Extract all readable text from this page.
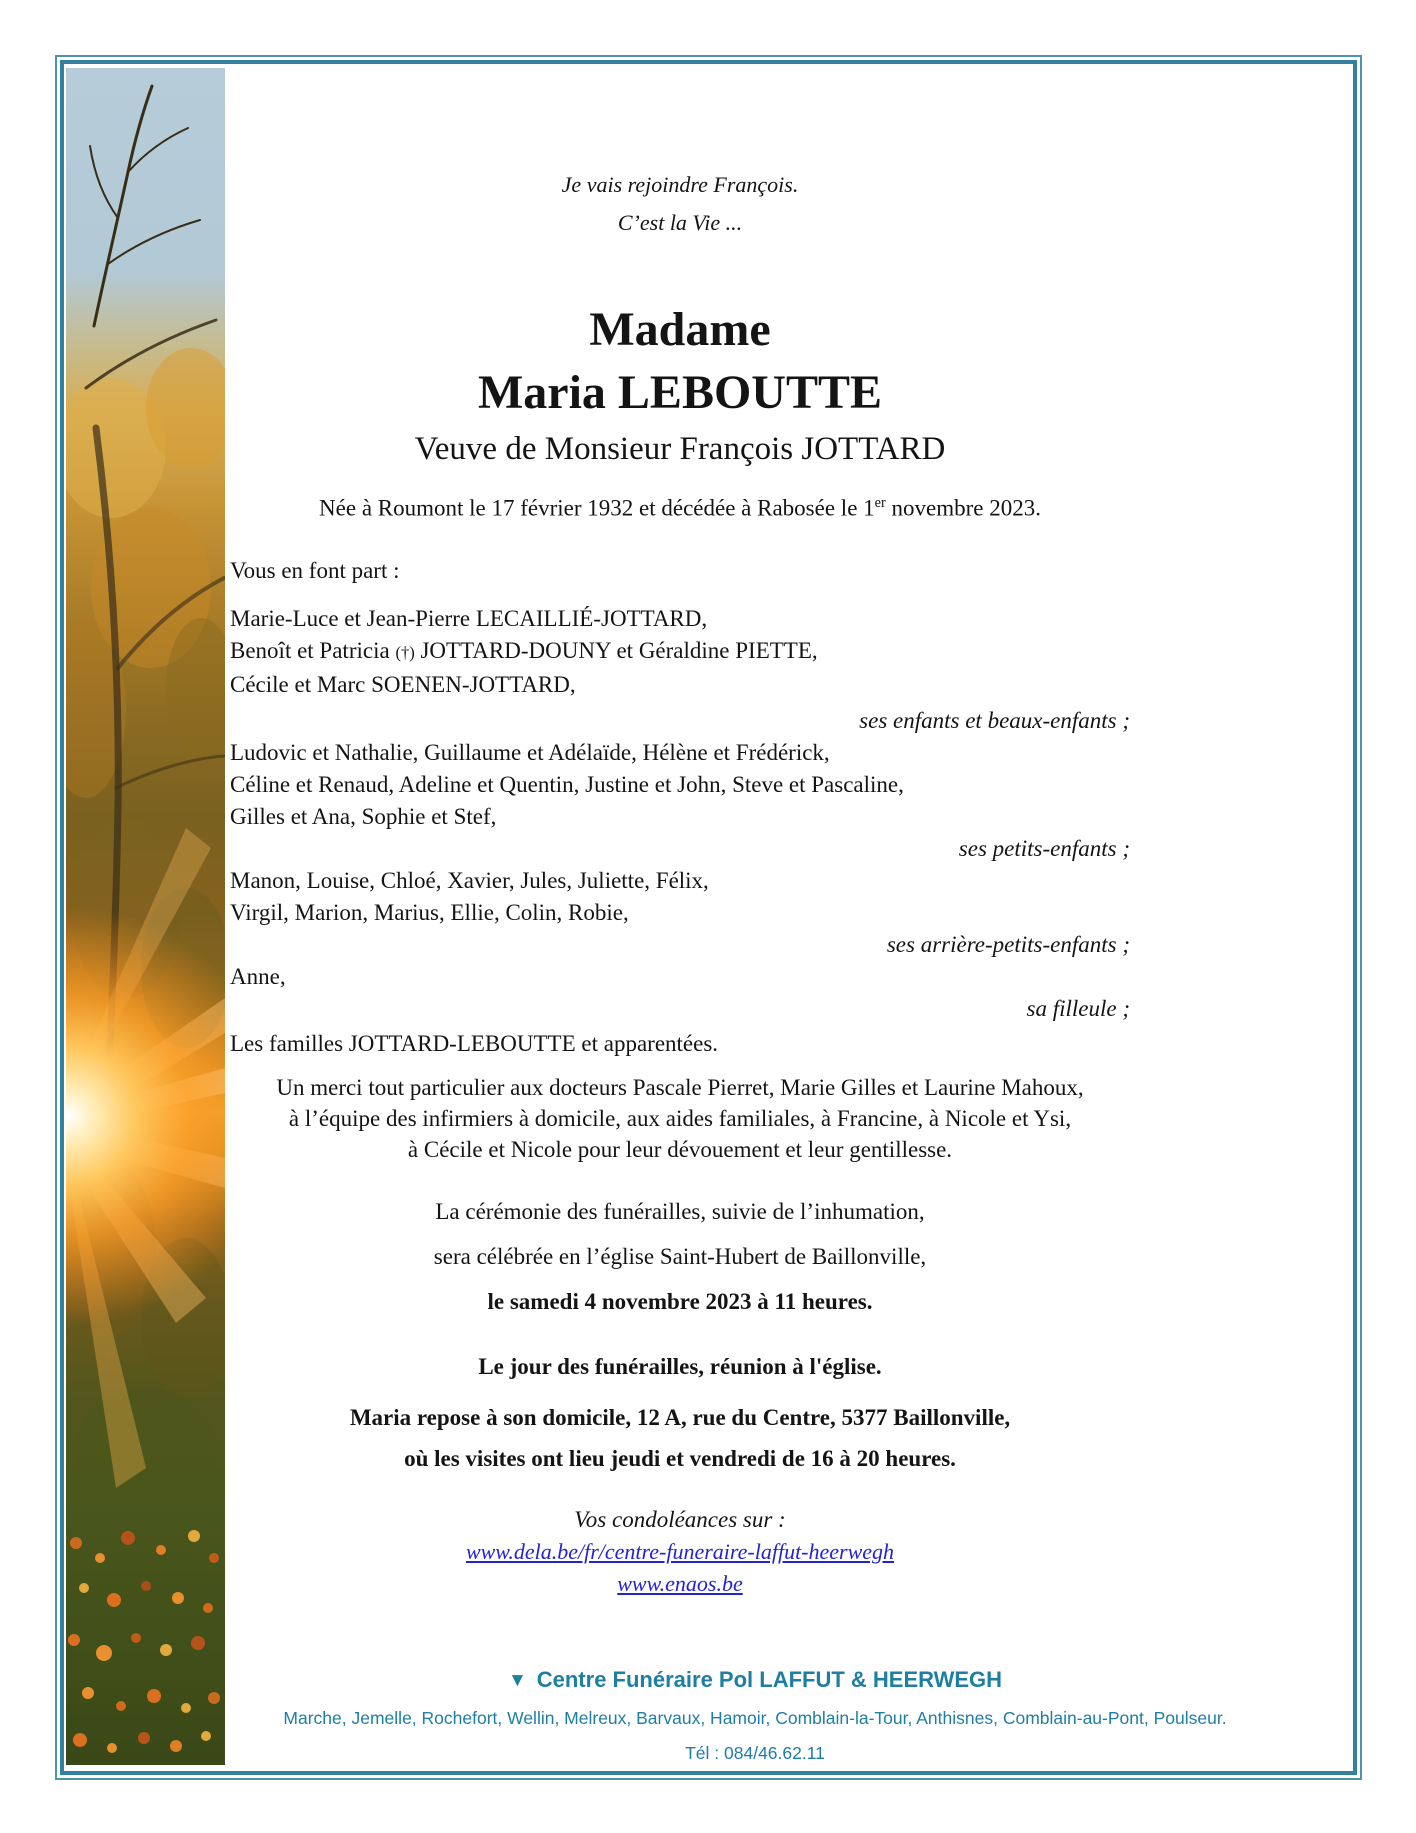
Je vais rejoindre François.
C’est la Vie ...
Madame
Maria LEBOUTTE
Veuve de Monsieur François JOTTARD
Née à Roumont le 17 février 1932 et décédée à Rabosée le 1er novembre 2023.
Vous en font part :
Marie-Luce et Jean-Pierre LECAILLIÉ-JOTTARD,
Benoît et Patricia (†) JOTTARD-DOUNY et Géraldine PIETTE,
Cécile et Marc SOENEN-JOTTARD,
ses enfants et beaux-enfants ;
Ludovic et Nathalie, Guillaume et Adélaïde, Hélène et Frédérick,
Céline et Renaud, Adeline et Quentin, Justine et John, Steve et Pascaline,
Gilles et Ana, Sophie et Stef,
ses petits-enfants ;
Manon, Louise, Chloé, Xavier, Jules, Juliette, Félix,
Virgil, Marion, Marius, Ellie, Colin, Robie,
ses arrière-petits-enfants ;
Anne,
sa filleule ;
Les familles JOTTARD-LEBOUTTE et apparentées.
Un merci tout particulier aux docteurs Pascale Pierret, Marie Gilles et Laurine Mahoux,
à l’équipe des infirmiers à domicile, aux aides familiales, à Francine, à Nicole et Ysi,
à Cécile et Nicole pour leur dévouement et leur gentillesse.
La cérémonie des funérailles, suivie de l’inhumation,
sera célébrée en l’église Saint-Hubert de Baillonville,
le samedi 4 novembre 2023 à 11 heures.
Le jour des funérailles, réunion à l'église.
Maria repose à son domicile, 12 A, rue du Centre, 5377 Baillonville,
où les visites ont lieu jeudi et vendredi de 16 à 20 heures.
Vos condoléances sur :
www.dela.be/fr/centre-funeraire-laffut-heerwegh
www.enaos.be
▼ Centre Funéraire Pol LAFFUT & HEERWEGH
Marche, Jemelle, Rochefort, Wellin, Melreux, Barvaux, Hamoir, Comblain-la-Tour, Anthisnes, Comblain-au-Pont, Poulseur.
Tél : 084/46.62.11
